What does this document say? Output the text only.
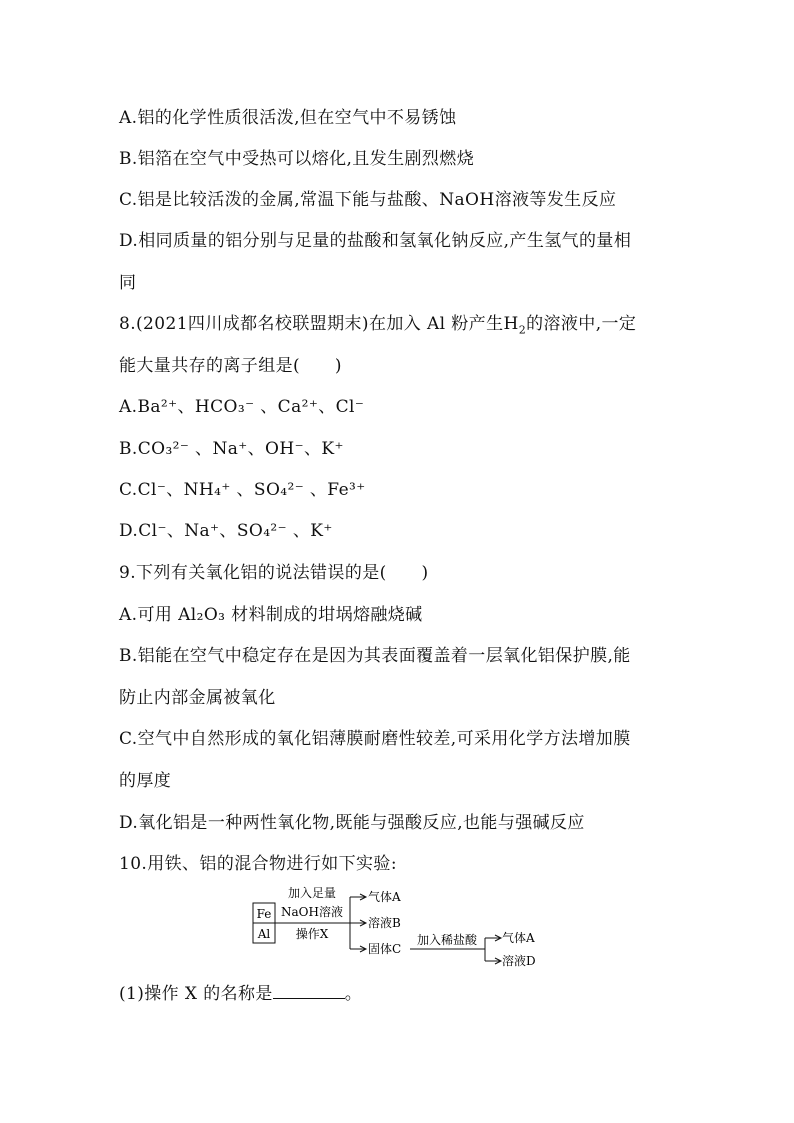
A.铝的化学性质很活泼,但在空气中不易锈蚀
B.铝箔在空气中受热可以熔化,且发生剧烈燃烧
C.铝是比较活泼的金属,常温下能与盐酸、NaOH溶液等发生反应
D.相同质量的铝分别与足量的盐酸和氢氧化钠反应,产生氢气的量相
同
8.(2021四川成都名校联盟期末)在加入 Al 粉产生$H_2$的溶液中,一定
能大量共存的离子组是(　　)
A.Ba²⁺、HCO₃⁻ 、Ca²⁺、Cl⁻
B.CO₃²⁻ 、Na⁺、OH⁻、K⁺
C.Cl⁻、NH₄⁺ 、SO₄²⁻ 、Fe³⁺
D.Cl⁻、Na⁺、SO₄²⁻ 、K⁺
9.下列有关氧化铝的说法错误的是(　　)
A.可用 Al₂O₃ 材料制成的坩埚熔融烧碱
B.铝能在空气中稳定存在是因为其表面覆盖着一层氧化铝保护膜,能
防止内部金属被氧化
C.空气中自然形成的氧化铝薄膜耐磨性较差,可采用化学方法增加膜
的厚度
D.氧化铝是一种两性氧化物,既能与强酸反应,也能与强碱反应
10.用铁、铝的混合物进行如下实验:
Fe
Al
加入足量
NaOH溶液
操作X
气体A
溶液B
固体C
加入稀盐酸 气体A
溶液D
(1)操作 X 的名称是	。
